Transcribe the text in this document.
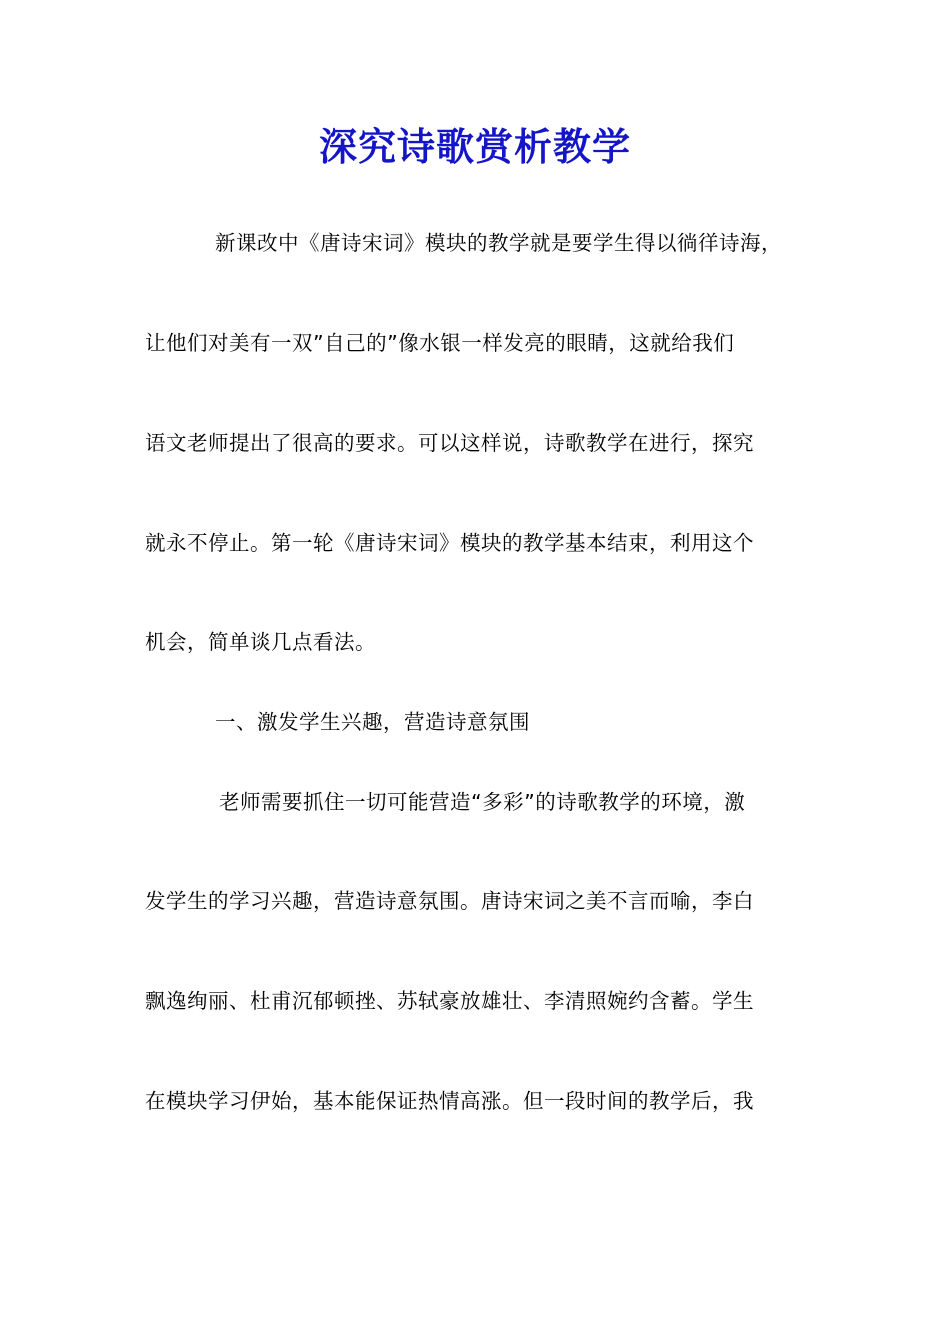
深究诗歌赏析教学
新课改中《唐诗宋词》模块的教学就是要学生得以徜徉诗海，
让他们对美有一双”自己的”像水银一样发亮的眼睛，这就给我们
语文老师提出了很高的要求。可以这样说，诗歌教学在进行，探究
就永不停止。第一轮《唐诗宋词》模块的教学基本结束，利用这个
机会，简单谈几点看法。
一、激发学生兴趣，营造诗意氛围
老师需要抓住一切可能营造“多彩”的诗歌教学的环境，激
发学生的学习兴趣，营造诗意氛围。唐诗宋词之美不言而喻，李白
飘逸绚丽、杜甫沉郁顿挫、苏轼豪放雄壮、李清照婉约含蓄。学生
在模块学习伊始，基本能保证热情高涨。但一段时间的教学后，我
